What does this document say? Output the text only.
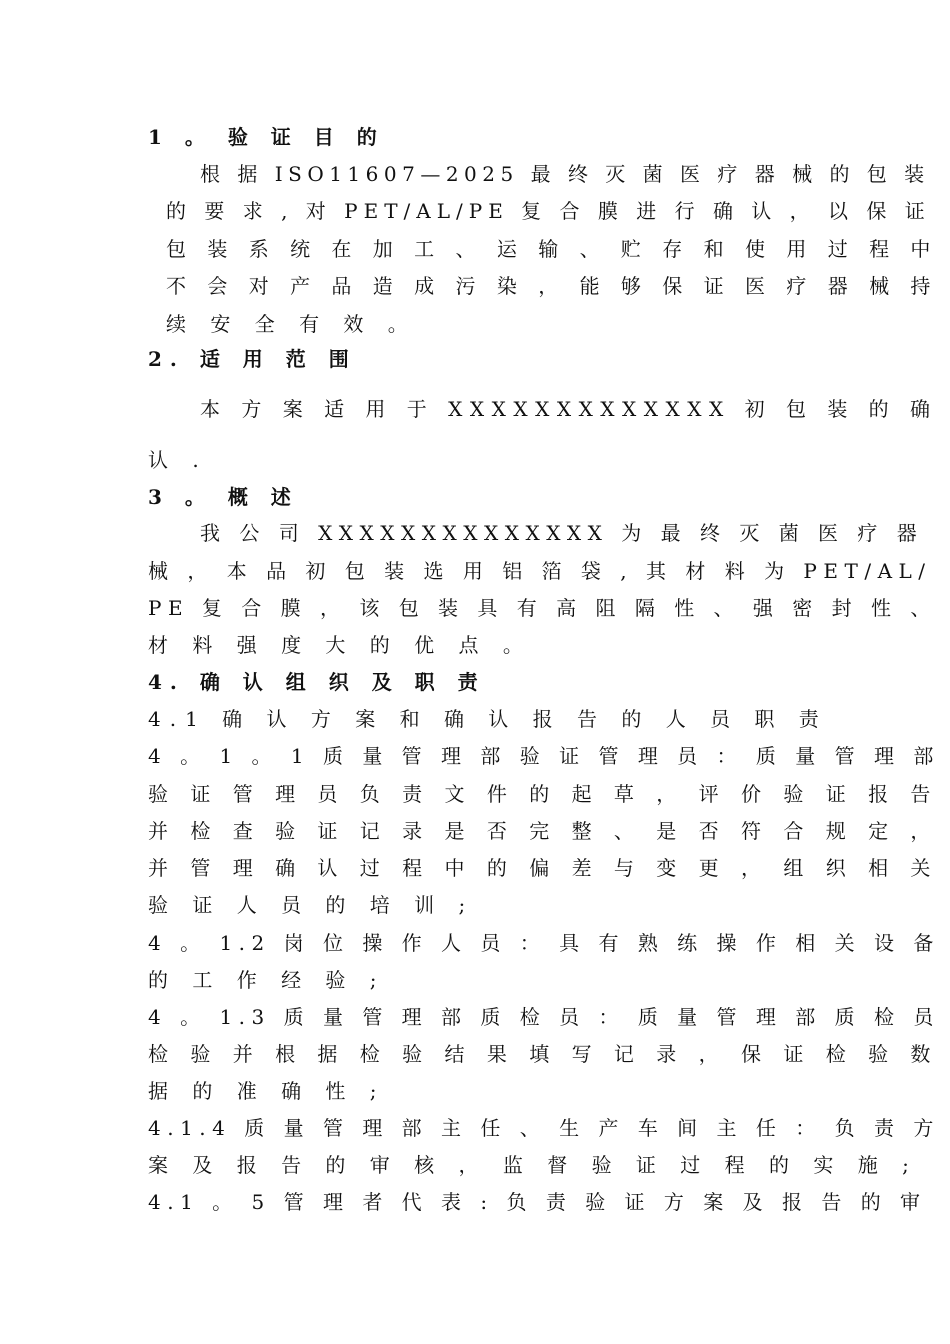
1 。 验 证 目 的
根 据 ISO11607—2025 最 终 灭 菌 医 疗 器 械 的 包 装
的 要 求 , 对 PET/AL/PE 复 合 膜 进 行 确 认 ， 以 保 证
包 装 系 统 在 加 工 、 运 输 、 贮 存 和 使 用 过 程 中
不 会 对 产 品 造 成 污 染 ， 能 够 保 证 医 疗 器 械 持
续 安 全 有 效 。
2. 适 用 范 围
本 方 案 适 用 于 XXXXXXXXXXXXX 初 包 装 的 确
认 .
3 。 概 述
我 公 司 XXXXXXXXXXXXXX 为 最 终 灭 菌 医 疗 器
械 ， 本 品 初 包 装 选 用 铝 箔 袋 , 其 材 料 为 PET/AL/
PE 复 合 膜 ， 该 包 装 具 有 高 阻 隔 性 、 强 密 封 性 、
材 料 强 度 大 的 优 点 。
4. 确 认 组 织 及 职 责
4.1 确 认 方 案 和 确 认 报 告 的 人 员 职 责
4 。 1 。 1 质 量 管 理 部 验 证 管 理 员 ： 质 量 管 理 部
验 证 管 理 员 负 责 文 件 的 起 草 ， 评 价 验 证 报 告
并 检 查 验 证 记 录 是 否 完 整 、 是 否 符 合 规 定 ，
并 管 理 确 认 过 程 中 的 偏 差 与 变 更 ， 组 织 相 关
验 证 人 员 的 培 训 ;
4 。 1.2 岗 位 操 作 人 员 ： 具 有 熟 练 操 作 相 关 设 备
的 工 作 经 验 ;
4 。 1.3 质 量 管 理 部 质 检 员 ： 质 量 管 理 部 质 检 员
检 验 并 根 据 检 验 结 果 填 写 记 录 ， 保 证 检 验 数
据 的 准 确 性 ;
4.1.4 质 量 管 理 部 主 任 、 生 产 车 间 主 任 ： 负 责 方
案 及 报 告 的 审 核 ， 监 督 验 证 过 程 的 实 施 ;
4.1 。 5 管 理 者 代 表 : 负 责 验 证 方 案 及 报 告 的 审
